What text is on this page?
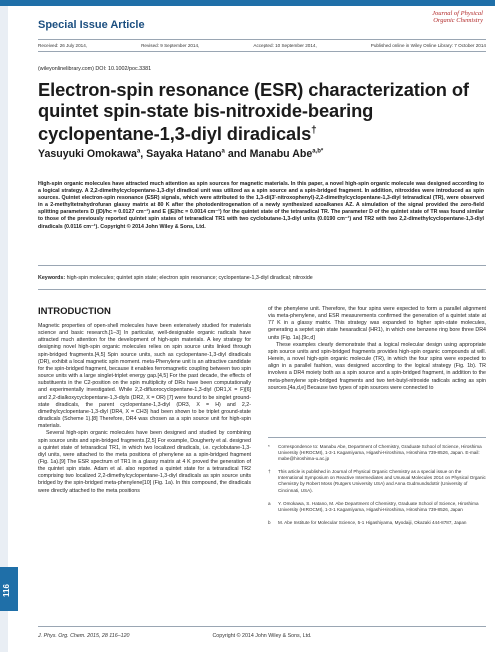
Special Issue Article
Journal of Physical
Organic Chemistry
Received: 26 July 2014,	Revised: 9 September 2014,	Accepted: 10 September 2014,	Published online in Wiley Online Library: 7 October 2014
(wileyonlinelibrary.com) DOI: 10.1002/poc.3381
Electron-spin resonance (ESR) characterization of quintet spin-state bis-nitroxide-bearing cyclopentane-1,3-diyl diradicals†
Yasuyuki Omokawa$^a$, Sayaka Hatano$^a$ and Manabu Abe$^{a,b*}$

High-spin organic molecules have attracted much attention as spin sources for magnetic materials. In this paper, a novel high-spin organic molecule was designed according to a logical strategy. A 2,2-dimethylcyclopentane-1,3-diyl diradical unit was utilized as a spin source and a spin-bridged fragment. In addition, nitroxides were introduced as spin sources. Quintet electron-spin resonance (ESR) signals, which were attributed to the 1,3-di(3'-nitroxophenyl)-2,2-dimethylcyclopentane-1,3-diyl tetraradical (TR), were observed in a 2-methyltetrahydrofuran glassy matrix at 80 K after the photodenitrogenation of a newly synthesized azoalkanes AZ. A simulation of the signal provided the zero-field splitting parameters D (|D|/hc = 0.0127 cm⁻¹) and E (|E|/hc = 0.0014 cm⁻¹) for the quintet state of the tetraradical TR. The parameter D of the quintet state of TR was found similar to those of the previously reported quintet spin states of tetraradical TR1 with two cyclobutane-1,3-diyl units (0.0190 cm⁻¹) and TR2 with two 2,2-dimethylcyclopentane-1,3-diyl diradicals (0.0116 cm⁻¹). Copyright © 2014 John Wiley & Sons, Ltd.

Keywords: high-spin molecules; quintet spin state; electron spin resonance; cyclopentane-1,3-diyl diradical; nitroxide
INTRODUCTION

Magnetic properties of open-shell molecules have been extensively studied for materials science and basic research.[1–3] In particular, well-designable organic radicals have attracted much attention for the development of high-spin materials. A key strategy for designing novel high-spin organic molecules relies on spin source units linked through spin-bridged fragments.[4,5] Spin source units, such as cyclopentane-1,3-diyl diradicals (DR), exhibit a local magnetic spin moment. meta-Phenylene unit is an attractive candidate for the spin-bridged fragment, because it enables ferromagnetic coupling between two spin source units with a large singlet-triplet energy gap.[4,5] For the past decade, the effects of substituents in the C2-position on the spin multiplicity of DRs have been computationally and experimentally investigated. While 2,2-difluorocyclopentane-1,3-diyl (DR1,X = F)[6] and 2,2-dialkoxycyclopentane-1,3-diyls (DR2, X = OR) [7] were found to be singlet ground-state diradicals, the parent cyclopentane-1,3-diyl (DR3, X = H) and 2,2-dimethylcyclopentane-1,3-diyl (DR4, X = CH3) had been shown to be triplet ground-state diradicals (Scheme 1).[8] Therefore, DR4 was chosen as a spin source unit for high-spin materials.

Several high-spin organic molecules have been designed and studied by combining spin source units and spin-bridged fragments.[2,5] For example, Dougherty et al. designed a quintet state of tetraradical TR1, in which two localized diradicals, i.e. cyclobutane-1,3-diyl units, were attached to the meta positions of phenylene as a spin-bridged fragment (Fig. 1a).[9] The ESR spectrum of TR1 in a glassy matrix at 4 K proved the generation of the quintet spin state. Adam et al. also reported a quintet state for a tetraradical TR2 comprising two localized 2,2-dimethylcyclopentane-1,3-diyl diradicals as spin source units bridged by the spin-bridged meta-phenylene[10] (Fig. 1a). In this compound, the diradicals were directly attached to the meta positions

of the phenylene unit. Therefore, the four spins were expected to form a parallel alignment via meta-phenylene, and ESR measurements confirmed the generation of a quintet state at 77 K in a glassy matrix. This strategy was expanded to higher spin-state molecules, generating a septet spin state hexaradical (HR1), in which one benzene ring bore three DR4 units (Fig. 1a).[9c,d]

These examples clearly demonstrate that a logical molecular design using appropriate spin source units and spin-bridged fragments provides high-spin organic compounds at will. Herein, a novel high-spin organic molecule (TR), in which the four spins were expected to align in a parallel fashion, was designed according to the logical strategy (Fig. 1b). TR involves a DR4 moiety both as a spin source and a spin-bridged fragment, in addition to the meta-phenylene spin-bridged fragments and two tert-butyl-nitroxide radicals acting as spin sources.[4a,d,e] Because two types of spin sources were connected to

*	Correspondence to: Manabu Abe, Department of Chemistry, Graduate School of Science, Hiroshima University (HIROCMI), 1-3-1 Kagamiyama, Higashi-Hiroshima, Hiroshima 739-8526, Japan. E-mail: mabe@hiroshima-u.ac.jp
†	This article is published in Journal of Physical Organic Chemistry as a special issue on the International Symposium on Reactive Intermediates and Unusual Molecules 2014 on Physical Organic Chemistry by Robert Moss (Rutgers University USA) and Anna Gudmundsdottir (University of Cincinnati, USA).
a	Y. Omokawa, S. Hatano, M. Abe Department of Chemistry, Graduate School of Science, Hiroshima University (HIROCMI), 1-3-1 Kagamiyama, Higashi-Hiroshima, Hiroshima 739-8526, Japan
b	M. Abe Institute for Molecular Science, 5-1 Higashiyama, Myodaiji, Okazaki 444-8787, Japan
116
J. Phys. Org. Chem. 2015, 28 116–120	Copyright © 2014 John Wiley & Sons, Ltd.
